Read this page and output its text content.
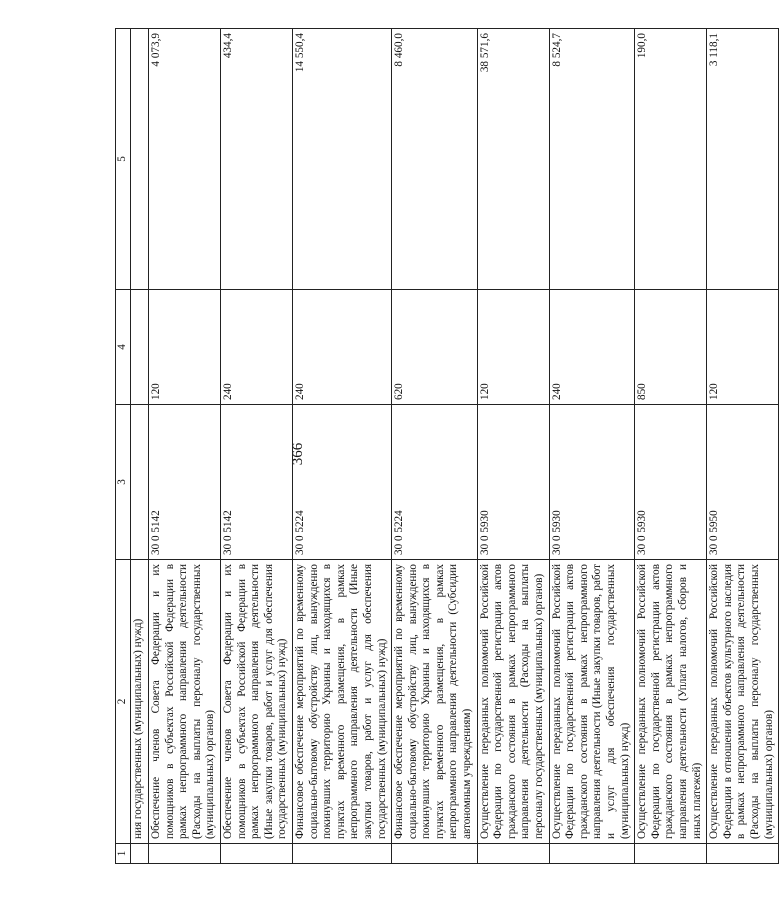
366
1	2	3	4	5
	ния государственных (муниципальных) нужд)			
	Обеспечение членов Совета Федерации и их помощников в субъектах Российской Федерации в рамках непрограммного направления деятельности (Расходы на выплаты персоналу государственных (муниципальных) органов)	30 0 5142	120	4 073,9
	Обеспечение членов Совета Федерации и их помощников в субъектах Российской Федерации в рамках непрограммного направления деятельности (Иные закупки товаров, работ и услуг для обеспечения государственных (муниципальных) нужд)	30 0 5142	240	434,4
	Финансовое обеспечение мероприятий по временному социально-бытовому обустройству лиц, вынужденно покинувших территорию Украины и находящихся в пунктах временного размещения, в рамках непрограммного направления деятельности (Иные закупки товаров, работ и услуг для обеспечения государственных (муниципальных) нужд)	30 0 5224	240	14 550,4
	Финансовое обеспечение мероприятий по временному социально-бытовому обустройству лиц, вынужденно покинувших территорию Украины и находящихся в пунктах временного размещения, в рамках непрограммного направления деятельности (Субсидии автономным учреждениям)	30 0 5224	620	8 460,0
	Осуществление переданных полномочий Российской Федерации по государственной регистрации актов гражданского состояния в рамках непрограммного направления деятельности (Расходы на выплаты персоналу государственных (муниципальных) органов)	30 0 5930	120	38 571,6
	Осуществление переданных полномочий Российской Федерации по государственной регистрации актов гражданского состояния в рамках непрограммного направления деятельности (Иные закупки товаров, работ и услуг для обеспечения государственных (муниципальных) нужд)	30 0 5930	240	8 524,7
	Осуществление переданных полномочий Российской Федерации по государственной регистрации актов гражданского состояния в рамках непрограммного направления деятельности (Уплата налогов, сборов и иных платежей)	30 0 5930	850	190,0
	Осуществление переданных полномочий Российской Федерации в отношении объектов культурного наследия в рамках непрограммного направления деятельности (Расходы на выплаты персоналу государственных (муниципальных) органов)	30 0 5950	120	3 118,1
